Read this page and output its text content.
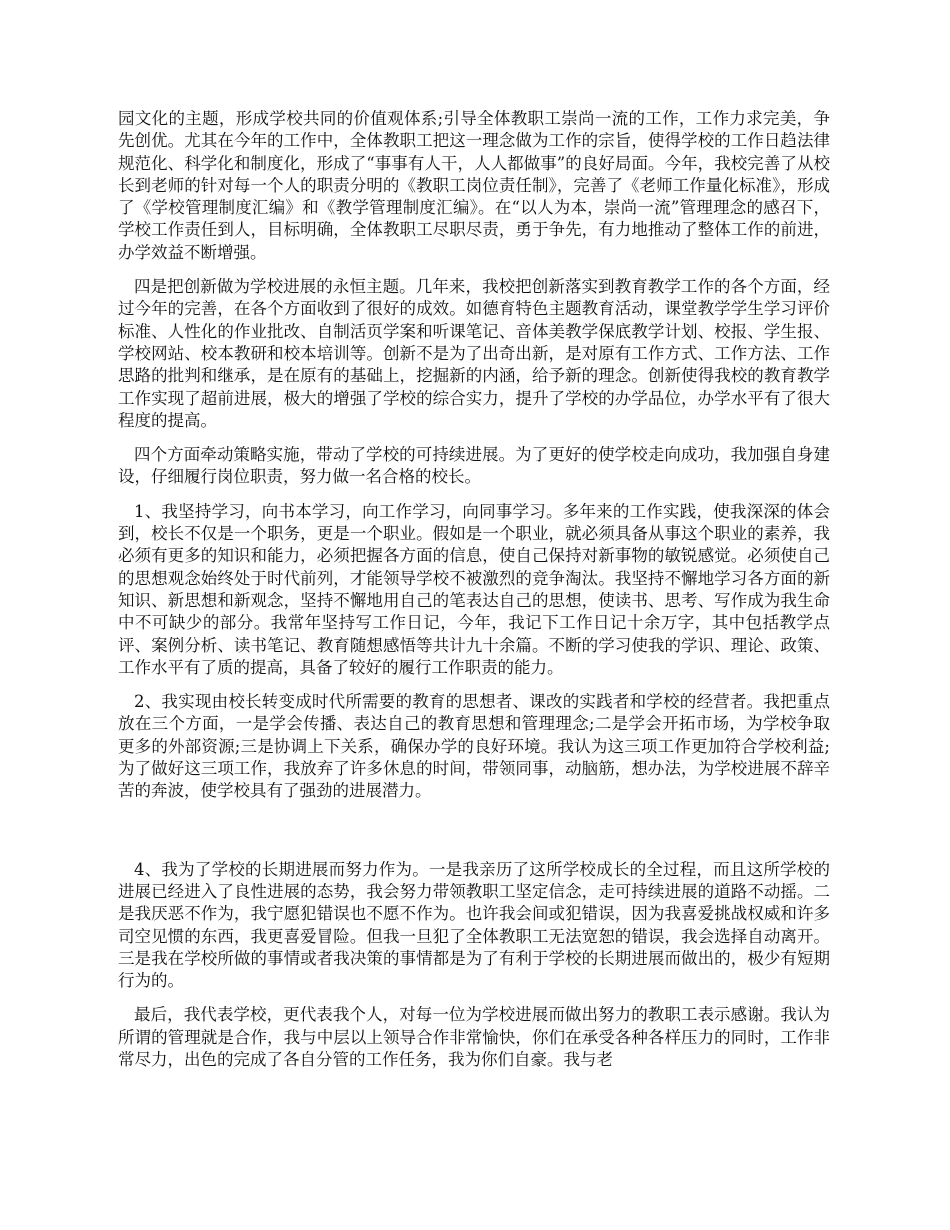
园文化的主题，形成学校共同的价值观体系;引导全体教职工崇尚一流的工作，工作力求完美，争先创优。尤其在今年的工作中，全体教职工把这一理念做为工作的宗旨，使得学校的工作日趋法律规范化、科学化和制度化，形成了“事事有人干，人人都做事”的良好局面。今年，我校完善了从校长到老师的针对每一个人的职责分明的《教职工岗位责任制》，完善了《老师工作量化标准》，形成了《学校管理制度汇编》和《教学管理制度汇编》。在“以人为本，崇尚一流”管理理念的感召下，学校工作责任到人，目标明确，全体教职工尽职尽责，勇于争先，有力地推动了整体工作的前进，办学效益不断增强。

四是把创新做为学校进展的永恒主题。几年来，我校把创新落实到教育教学工作的各个方面，经过今年的完善，在各个方面收到了很好的成效。如德育特色主题教育活动，课堂教学学生学习评价标准、人性化的作业批改、自制活页学案和听课笔记、音体美教学保底教学计划、校报、学生报、学校网站、校本教研和校本培训等。创新不是为了出奇出新，是对原有工作方式、工作方法、工作思路的批判和继承，是在原有的基础上，挖掘新的内涵，给予新的理念。创新使得我校的教育教学工作实现了超前进展，极大的增强了学校的综合实力，提升了学校的办学品位，办学水平有了很大程度的提高。

四个方面牵动策略实施，带动了学校的可持续进展。为了更好的使学校走向成功，我加强自身建设，仔细履行岗位职责，努力做一名合格的校长。

1、我坚持学习，向书本学习，向工作学习，向同事学习。多年来的工作实践，使我深深的体会到，校长不仅是一个职务，更是一个职业。假如是一个职业，就必须具备从事这个职业的素养，我必须有更多的知识和能力，必须把握各方面的信息，使自己保持对新事物的敏锐感觉。必须使自己的思想观念始终处于时代前列，才能领导学校不被激烈的竞争淘汰。我坚持不懈地学习各方面的新知识、新思想和新观念，坚持不懈地用自己的笔表达自己的思想，使读书、思考、写作成为我生命中不可缺少的部分。我常年坚持写工作日记，今年，我记下工作日记十余万字，其中包括教学点评、案例分析、读书笔记、教育随想感悟等共计九十余篇。不断的学习使我的学识、理论、政策、工作水平有了质的提高，具备了较好的履行工作职责的能力。

2、我实现由校长转变成时代所需要的教育的思想者、课改的实践者和学校的经营者。我把重点放在三个方面，一是学会传播、表达自己的教育思想和管理理念;二是学会开拓市场，为学校争取更多的外部资源;三是协调上下关系，确保办学的良好环境。我认为这三项工作更加符合学校利益;为了做好这三项工作，我放弃了许多休息的时间，带领同事，动脑筋，想办法，为学校进展不辞辛苦的奔波，使学校具有了强劲的进展潜力。

4、我为了学校的长期进展而努力作为。一是我亲历了这所学校成长的全过程，而且这所学校的进展已经进入了良性进展的态势，我会努力带领教职工坚定信念，走可持续进展的道路不动摇。二是我厌恶不作为，我宁愿犯错误也不愿不作为。也许我会间或犯错误，因为我喜爱挑战权威和许多司空见惯的东西，我更喜爱冒险。但我一旦犯了全体教职工无法宽恕的错误，我会选择自动离开。三是我在学校所做的事情或者我决策的事情都是为了有利于学校的长期进展而做出的，极少有短期行为的。

最后，我代表学校，更代表我个人，对每一位为学校进展而做出努力的教职工表示感谢。我认为所谓的管理就是合作，我与中层以上领导合作非常愉快，你们在承受各种各样压力的同时，工作非常尽力，出色的完成了各自分管的工作任务，我为你们自豪。我与老
